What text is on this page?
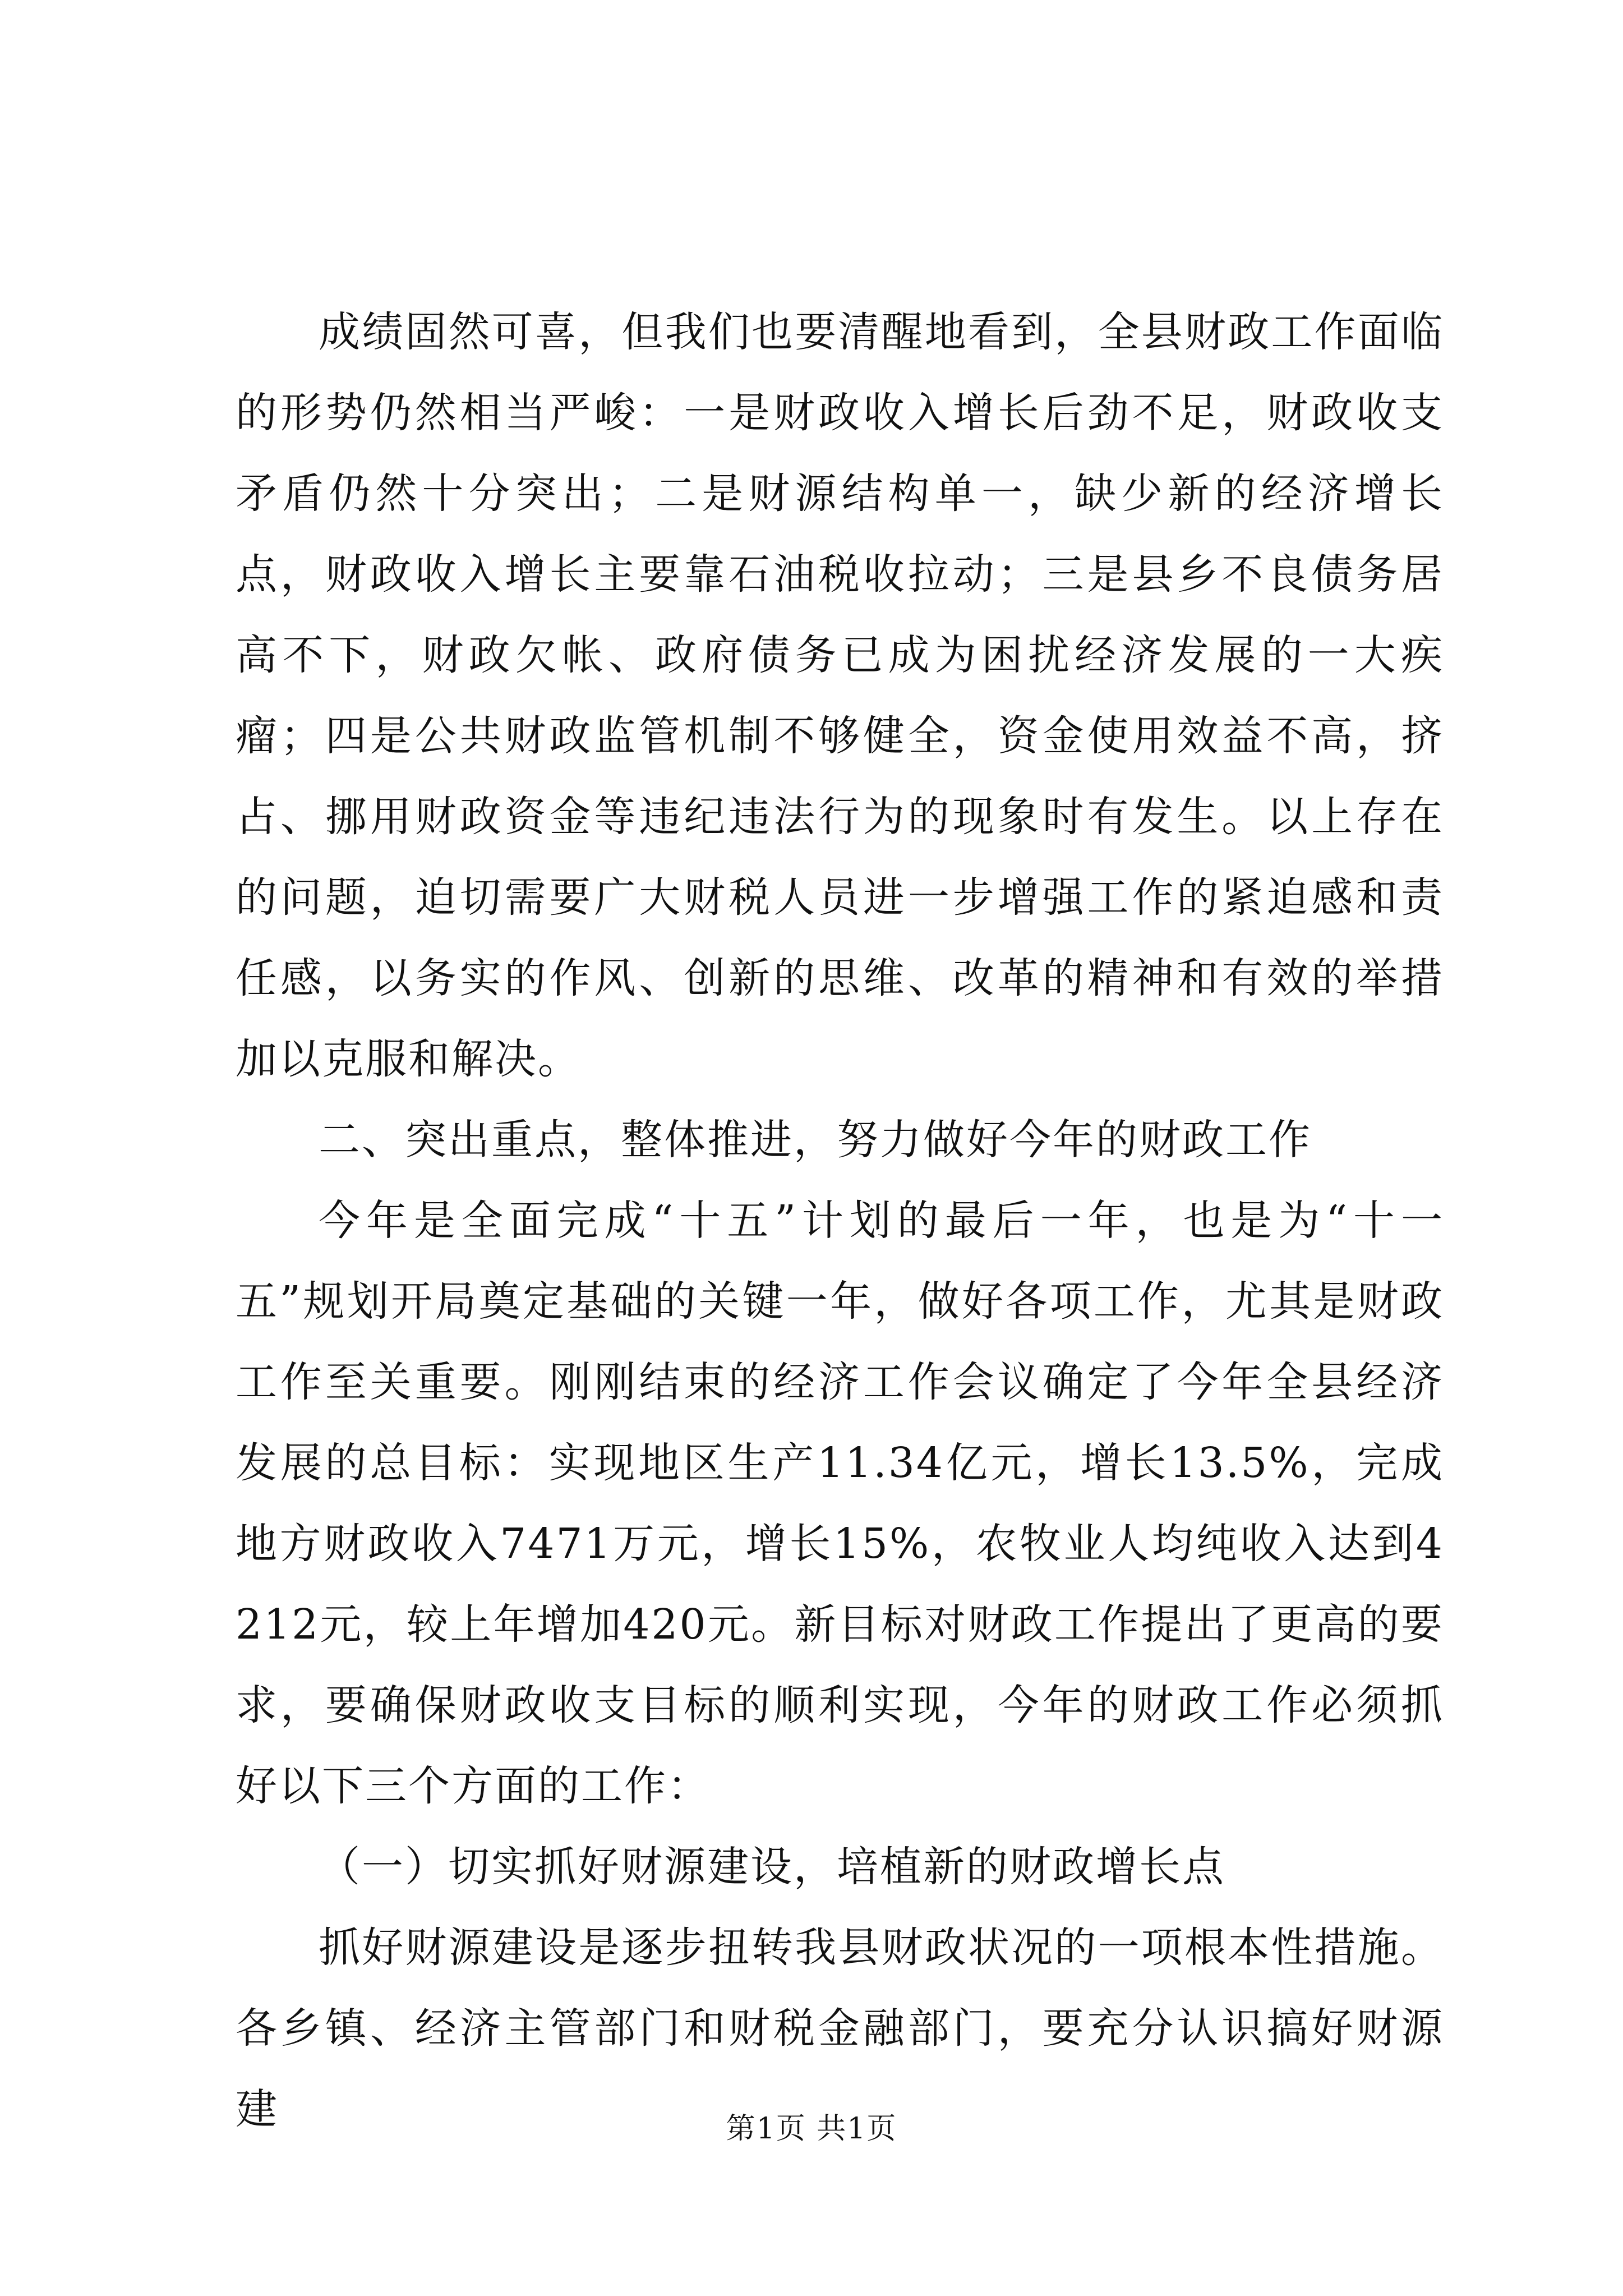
成绩固然可喜，但我们也要清醒地看到，全县财政工作面临的形势仍然相当严峻：一是财政收入增长后劲不足，财政收支矛盾仍然十分突出；二是财源结构单一，缺少新的经济增长点，财政收入增长主要靠石油税收拉动；三是县乡不良债务居高不下，财政欠帐、政府债务已成为困扰经济发展的一大疾瘤；四是公共财政监管机制不够健全，资金使用效益不高，挤占、挪用财政资金等违纪违法行为的现象时有发生。以上存在的问题，迫切需要广大财税人员进一步增强工作的紧迫感和责任感，以务实的作风、创新的思维、改革的精神和有效的举措加以克服和解决。

二、突出重点，整体推进，努力做好今年的财政工作

今年是全面完成“十五”计划的最后一年，也是为“十一五”规划开局奠定基础的关键一年，做好各项工作，尤其是财政工作至关重要。刚刚结束的经济工作会议确定了今年全县经济发展的总目标：实现地区生产11.34亿元，增长13.5%，完成地方财政收入7471万元，增长15%，农牧业人均纯收入达到4212元，较上年增加420元。新目标对财政工作提出了更高的要求，要确保财政收支目标的顺利实现，今年的财政工作必须抓好以下三个方面的工作：

（一）切实抓好财源建设，培植新的财政增长点

抓好财源建设是逐步扭转我县财政状况的一项根本性措施。各乡镇、经济主管部门和财税金融部门，要充分认识搞好财源建	第1页 共1页
